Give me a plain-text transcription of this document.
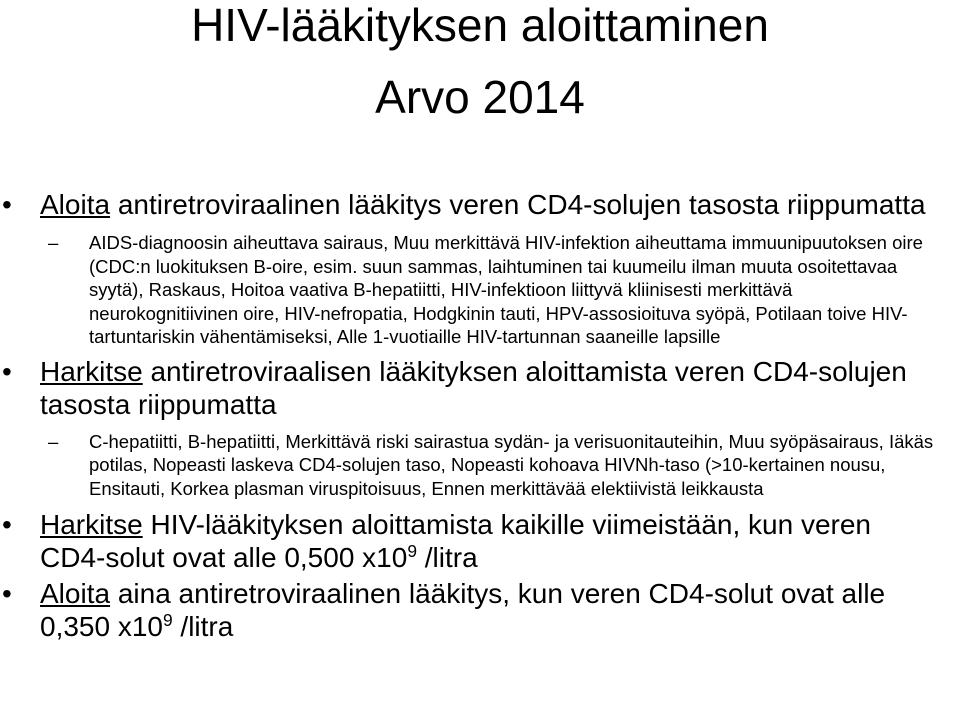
HIV-lääkityksen aloittaminen
Arvo 2014

•	Aloita antiretroviraalinen lääkitys veren CD4-solujen tasosta riippumatta

– AIDS-diagnoosin aiheuttava sairaus, Muu merkittävä HIV-infektion aiheuttama immuunipuutoksen oire (CDC:n luokituksen B-oire, esim. suun sammas, laihtuminen tai kuumeilu ilman muuta osoitettavaa syytä), Raskaus, Hoitoa vaativa B-hepatiitti, HIV-infektioon liittyvä kliinisesti merkittävä neurokognitiivinen oire, HIV-nefropatia, Hodgkinin tauti, HPV-assosioituva syöpä, Potilaan toive HIV-tartuntariskin vähentämiseksi, Alle 1-vuotiaille HIV-tartunnan saaneille lapsille

•	Harkitse antiretroviraalisen lääkityksen aloittamista veren CD4-solujen tasosta riippumatta

– C-hepatiitti, B-hepatiitti, Merkittävä riski sairastua sydän- ja verisuonitauteihin, Muu syöpäsairaus, Iäkäs potilas, Nopeasti laskeva CD4-solujen taso, Nopeasti kohoava HIVNh-taso (>10-kertainen nousu, Ensitauti, Korkea plasman viruspitoisuus, Ennen merkittävää elektiivistä leikkausta

•	Harkitse HIV-lääkityksen aloittamista kaikille viimeistään, kun veren CD4-solut ovat alle 0,500 $x10^9$ /litra

•	Aloita aina antiretroviraalinen lääkitys, kun veren CD4-solut ovat alle 0,350 $x10^9$ /litra
